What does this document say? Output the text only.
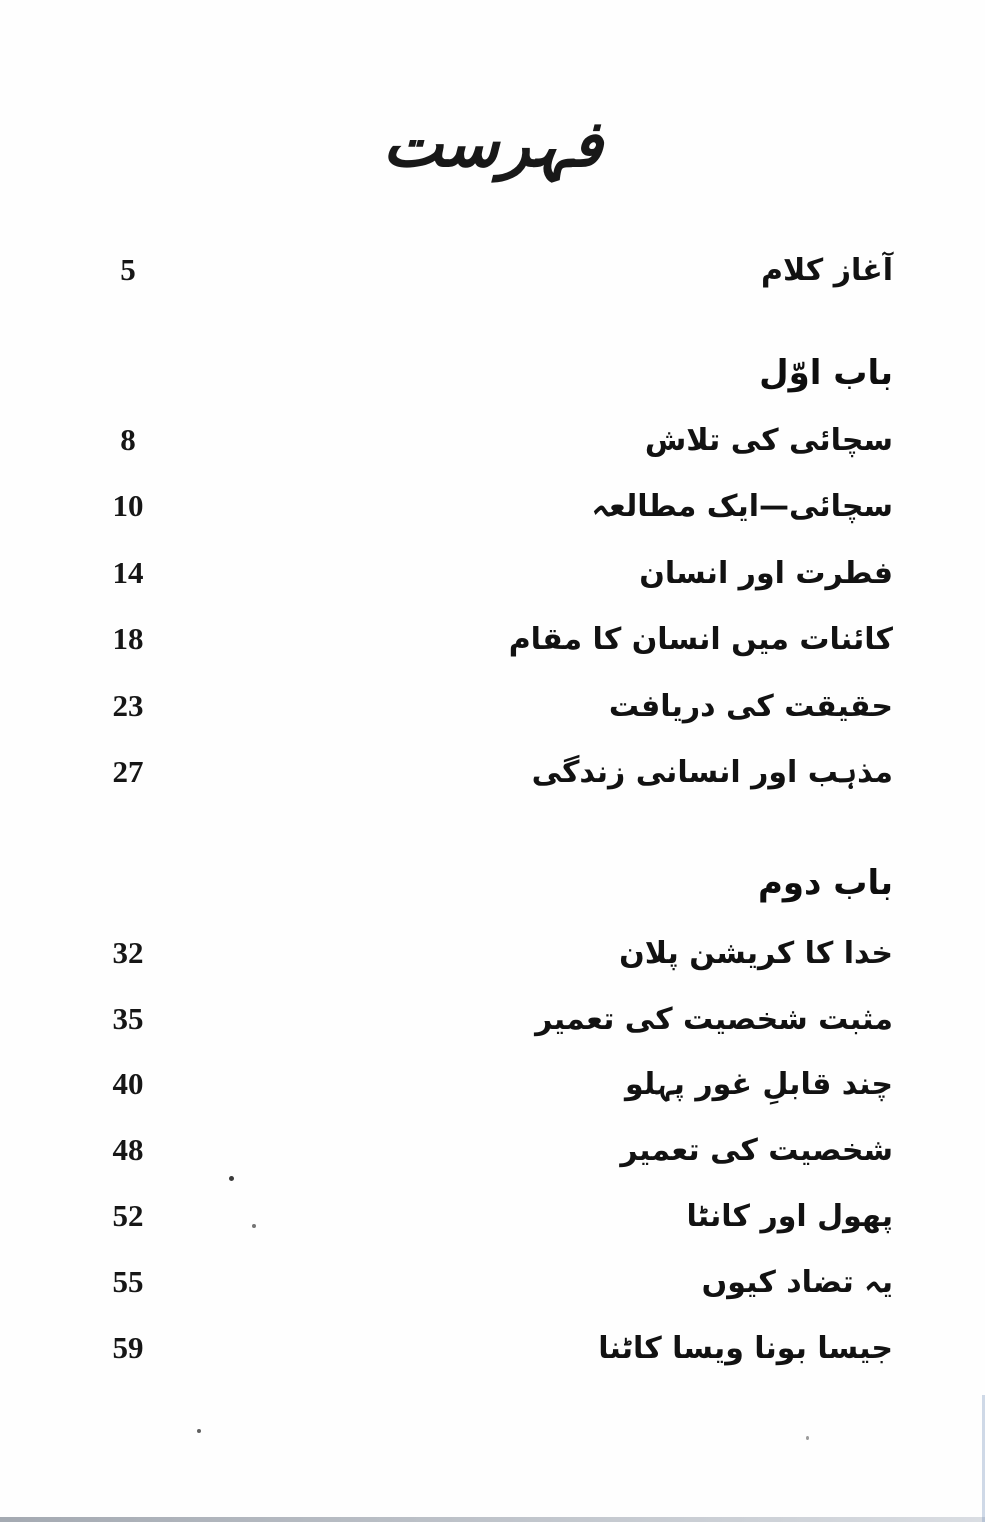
فہرست
5	آغاز کلام
باب اوّل
8	سچائی کی تلاش
10	سچائی—ایک مطالعہ
14	فطرت اور انسان
18	کائنات میں انسان کا مقام
23	حقیقت کی دریافت
27	مذہب اور انسانی زندگی
باب دوم
32	خدا کا کریشن پلان
35	مثبت شخصیت کی تعمیر
40	چند قابلِ غور پہلو
48	شخصیت کی تعمیر
52	پھول اور کانٹا
55	یہ تضاد کیوں
59	جیسا بونا ویسا کاٹنا
